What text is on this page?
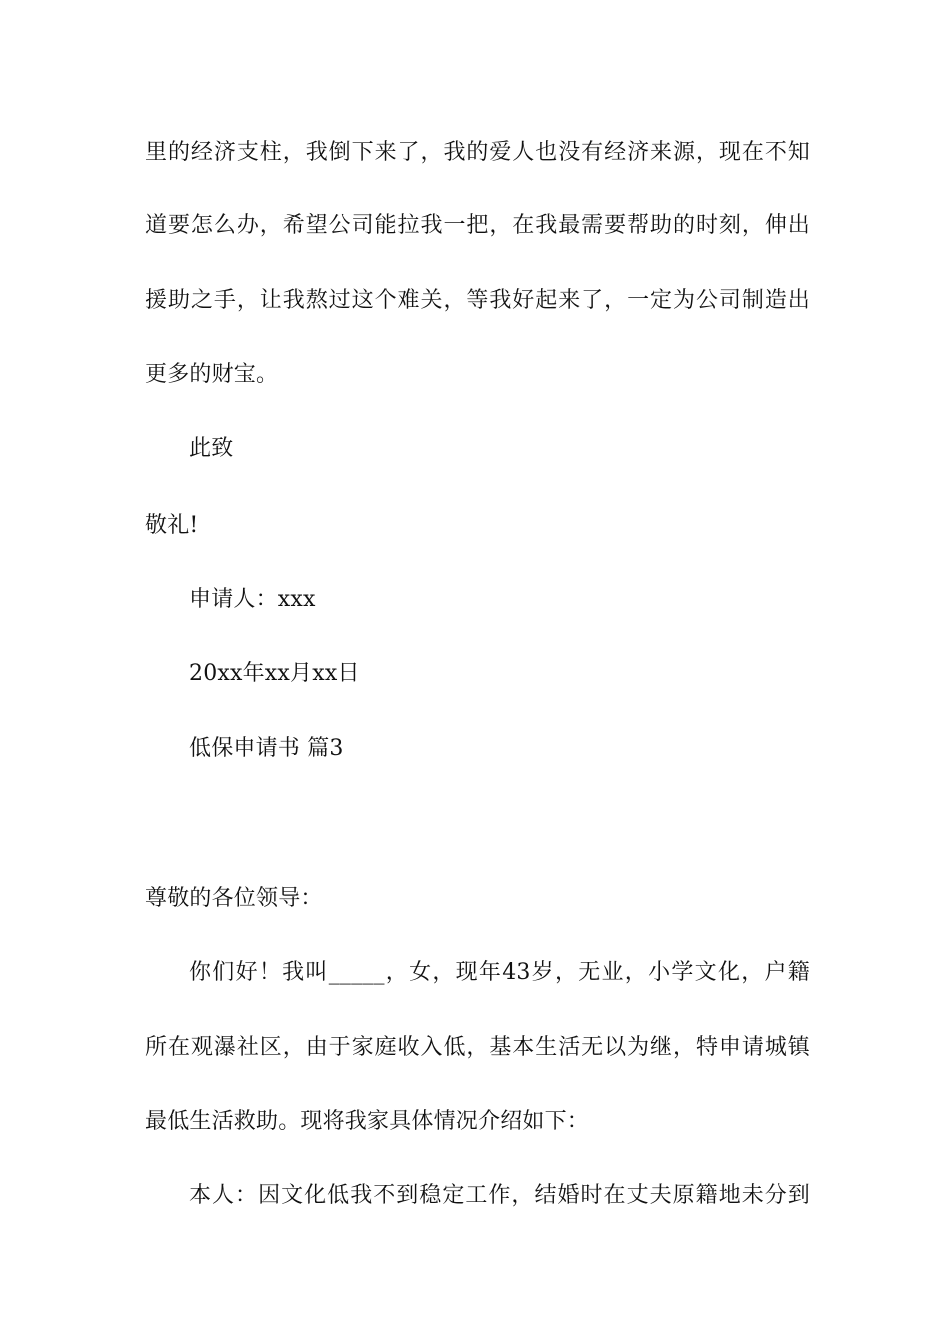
里的经济支柱，我倒下来了，我的爱人也没有经济来源，现在不知
道要怎么办，希望公司能拉我一把，在我最需要帮助的时刻，伸出
援助之手，让我熬过这个难关，等我好起来了，一定为公司制造出
更多的财宝。
此致
敬礼!
申请人：xxx
20xx年xx月xx日
低保申请书 篇3
尊敬的各位领导：
你们好！我叫_____，女，现年43岁，无业，小学文化，户籍
所在观瀑社区，由于家庭收入低，基本生活无以为继，特申请城镇
最低生活救助。现将我家具体情况介绍如下：
本人：因文化低我不到稳定工作，结婚时在丈夫原籍地未分到
